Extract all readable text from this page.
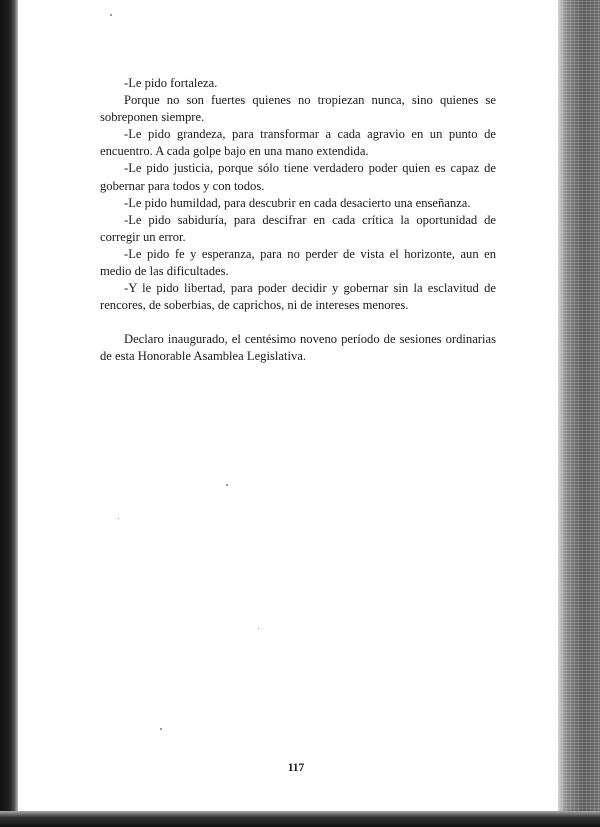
-Le pido fortaleza.

Porque no son fuertes quienes no tropiezan nunca, sino quienes se sobreponen siempre.

-Le pido grandeza, para transformar a cada agravio en un punto de encuentro. A cada golpe bajo en una mano extendida.

-Le pido justicia, porque sólo tiene verdadero poder quien es capaz de gobernar para todos y con todos.

-Le pido humildad, para descubrir en cada desacierto una enseñanza.

-Le pido sabiduría, para descifrar en cada crítica la oportunidad de corregir un error.

-Le pido fe y esperanza, para no perder de vista el horizonte, aun en medio de las dificultades.

-Y le pido libertad, para poder decidir y gobernar sin la esclavitud de rencores, de soberbias, de caprichos, ni de intereses menores.

Declaro inaugurado, el centésimo noveno período de sesiones ordinarias de esta Honorable Asamblea Legislativa.

117
